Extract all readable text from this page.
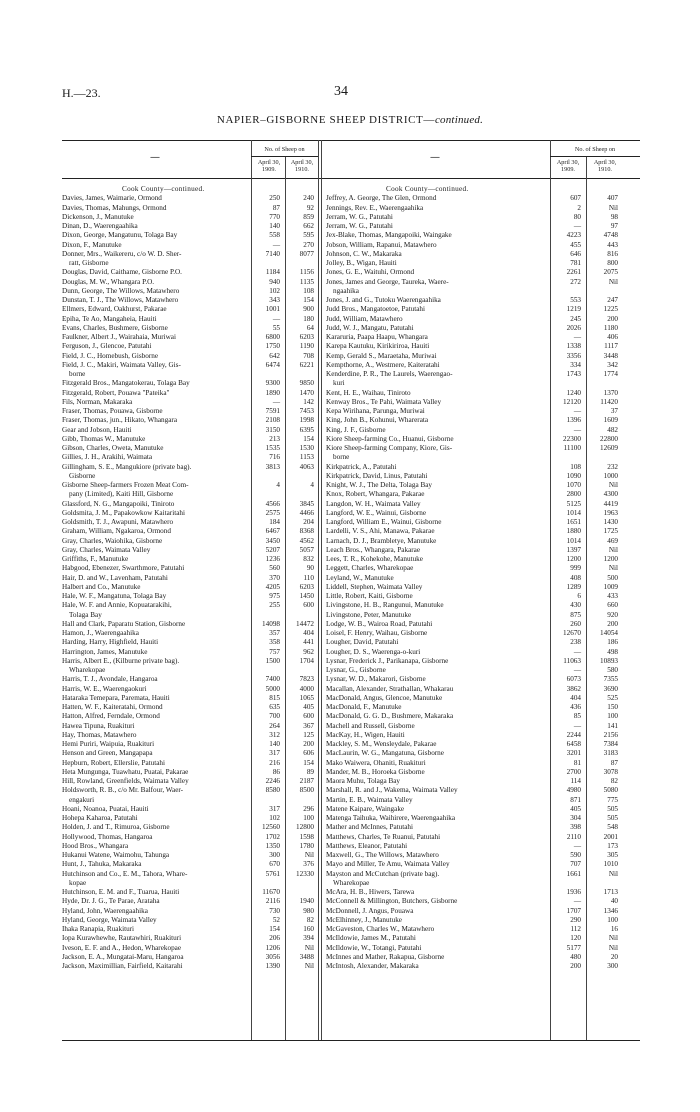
H.—23.	34
NAPIER–GISBORNE SHEEP DISTRICT—continued.
No. of Sheep on
April 30, 1909.
April 30, 1910.
No. of Sheep on
April 30, 1909.
April 30, 1910.
—	—
Cook County—continued.
Davies, James, Waimarie, Ormond	250	240
Davies, Thomas, Mahungs, Ormond	87	92
Dickenson, J., Manutuke	770	859
Dinan, D., Waerengaahika	140	662
Dixon, George, Mangatunu, Tolaga Bay	558	595
Dixon, F., Manutuke	—	270
Donner, Mrs., Waikereru, c/o W. D. Sher-	7140	8077
ratt, Gisborne
Douglas, David, Caithame, Gisborne P.O.	1184	1156
Douglas, M. W., Whangara P.O.	940	1135
Dunn, George, The Willows, Matawhero	102	108
Dunstan, T. J., The Willows, Matawhero	343	154
Ellmers, Edward, Oakhurst, Pakarae	1001	900
Epiha, Te Ao, Mangaheia, Hauiti	—	180
Evans, Charles, Bushmere, Gisborne	55	64
Faulkner, Albert J., Wairahaia, Muriwai	6800	6203
Ferguson, J., Glencoe, Patutahi	1750	1190
Field, J. C., Homebush, Gisborne	642	708
Field, J. C., Makiri, Waimata Valley, Gis-	6474	6221
borne
Fitzgerald Bros., Mangatokerau, Tolaga Bay	9300	9850
Fitzgerald, Robert, Pouawa "Pateika"	1890	1470
Fils, Norman, Makaraka	—	142
Fraser, Thomas, Pouawa, Gisborne	7591	7453
Fraser, Thomas, jun., Hikato, Whangara	2108	1998
Gear and Jobson, Hauiti	3150	6395
Gibb, Thomas W., Manutuke	213	154
Gibson, Charles, Oweta, Manutuke	1535	1530
Gillies, J. H., Arakihi, Waimata	716	1153
Gillingham, S. E., Mangukiore (private bag).	3813	4063
Gisborne
Gisborne Sheep-farmers Frozen Meat Com-	4	4
pany (Limited), Kaiti Hill, Gisborne
Glassford, N. G., Mangapoiki, Tiniroto	4566	3845
Goldsmita, J. M., Papakowkow Kaitaritahi	2575	4466
Goldsmith, T. J., Awapuni, Matawhero	184	204
Graham, William, Ngakaroa, Ormond	6467	8368
Gray, Charles, Waiohika, Gisborne	3450	4562
Gray, Charles, Waimata Valley	5207	5057
Griffiths, F., Manutuke	1236	832
Habgood, Ebenezer, Swarthmore, Patutahi	560	90
Hair, D. and W., Lavenham, Patutahi	370	110
Halbert and Co., Manutuke	4205	6203
Hale, W. F., Mangatuna, Tolaga Bay	975	1450
Hale, W. F. and Annie, Kopuatarakihi,	255	600
Tolaga Bay
Hall and Clark, Paparatu Station, Gisborne	14098	14472
Hamon, J., Waerengaahika	357	404
Harding, Harry, Highfield, Hauiti	358	441
Harrington, James, Manutuke	757	962
Harris, Albert E., (Kilburne private bag).	1500	1704
Wharekopae
Harris, T. J., Avondale, Hangaroa	7400	7823
Harris, W. E., Waerengaokuri	5000	4000
Hataraka Temepara, Paremata, Hauiti	815	1065
Hatten, W. F., Kaiteratahi, Ormond	635	405
Hatton, Alfred, Ferndale, Ormond	700	600
Hawea Tipuna, Ruakituri	264	367
Hay, Thomas, Matawhero	312	125
Hemi Puriri, Waipuia, Ruakituri	140	200
Henson and Green, Mangapapa	317	606
Hepburn, Robert, Ellerslie, Patutahi	216	154
Heta Mungunga, Tuawhatu, Puatai, Pakarae	86	89
Hill, Rowland, Greenfields, Waimata Valley	2246	2187
Holdsworth, R. B., c/o Mr. Balfour, Waer-	8580	8500
engakuri
Hoani, Noanoa, Puatai, Hauiti	317	296
Hohepa Kaharoa, Patutahi	102	100
Holden, J. and T., Rimuroa, Gisborne	12560	12800
Hollywood, Thomas, Hangaroa	1702	1598
Hood Bros., Whangara	1350	1780
Hukanui Watene, Waimohu, Tahunga	300	Nil
Hunt, J., Tahuka, Makaraka	670	376
Hutchinson and Co., E. M., Tahora, Whare-	5761	12330
kopae
Hutchinson, E. M. and F., Tuarua, Hauiti	11670
Hyde, Dr. J. G., Te Parae, Arataha	2116	1940
Hyland, John, Waerengaahika	730	980
Hyland, George, Waimata Valley	52	82
Ihaka Ranapia, Ruakituri	154	160
Iopa Kurawhewhe, Rautawhiri, Ruakituri	206	394
Iveson, E. F. and A., Hedon, Wharekopae	1206	Nil
Jackson, E. A., Mungatai-Maru, Hangaroa	3056	3488
Jackson, Maximillian, Fairfield, Kaitarahi	1390	Nil
Cook County—continued.
Jeffrey, A. George, The Glen, Ormond	607	407
Jennings, Rev. E., Waerengaahika	2	Nil
Jerram, W. G., Patutahi	80	98
Jerram, W. G., Patutahi	—	97
Jex-Blake, Thomas, Mangapoiki, Waingake	4223	4748
Jobson, William, Rapanui, Matawhero	455	443
Johnson, C. W., Makaraka	646	816
Jolley, B., Wigan, Hauiti	781	800
Jones, G. E., Waituhi, Ormond	2261	2075
Jones, James and George, Taureka, Waere-	272	Nil
ngaahika
Jones, J. and G., Tutoku Waerengaahika	553	247
Judd Bros., Mangatoetoe, Patutahi	1219	1225
Judd, William, Matawhero	245	200
Judd, W. J., Mangatu, Patutahi	2026	1180
Kararuria, Paapa Haapu, Whangara	—	406
Karepa Kautuku, Kirikiriroa, Hauiti	1338	1117
Kemp, Gerald S., Maraetaha, Muriwai	3356	3448
Kempthorne, A., Westmere, Kaiteratahi	334	342
Kenderdine, P. R., The Laurels, Waerengao-	1743	1774
kuri
Kent, H. E., Waihau, Tiniroto	1240	1370
Kenway Bros., Te Pahi, Waimata Valley	12120	11420
Kepa Wirihana, Parunga, Muriwai	—	37
King, John B., Kohunui, Wharerata	1396	1609
King, J. F., Gisborne	—	482
Kiore Sheep-farming Co., Huanui, Gisborne	22300	22800
Kiore Sheep-farming Company, Kiore, Gis-	11100	12609
borne
Kirkpatrick, A., Patutahi	108	232
Kirkpatrick, David, Linus, Patutahi	1090	1000
Knight, W. J., The Delta, Tolaga Bay	1070	Nil
Knox, Robert, Whangara, Pakarae	2800	4300
Langdon, W. H., Waimata Valley	5125	4419
Langford, W. E., Wainui, Gisborne	1014	1963
Langford, William E., Wainui, Gisborne	1651	1430
Lardelli, V. S., Ahi, Manawa, Pakarae	1880	1725
Larnach, D. J., Brambletye, Manutuke	1014	469
Leach Bros., Whangara, Pakarae	1397	Nil
Lees, T. R., Kohekohe, Manutuke	1200	1200
Leggett, Charles, Wharekopae	999	Nil
Leyland, W., Manutuke	408	500
Liddell, Stephen, Waimata Valley	1289	1009
Little, Robert, Kaiti, Gisborne	6	433
Livingstone, H. B., Rangunui, Manutuke	430	660
Livingstone, Peter, Manutuke	875	920
Lodge, W. B., Wairoa Road, Patutahi	260	200
Loisel, F. Henry, Waihau, Gisborne	12670	14054
Lougher, David, Patutahi	238	186
Lougher, D. S., Waerenga-o-kuri	—	498
Lysnar, Frederick J., Parikanapa, Gisborne	11063	10893
Lysnar, G., Gisborne	—	580
Lysnar, W. D., Makarori, Gisborne	6073	7355
Macallan, Alexander, Strathallan, Whakarau	3862	3690
MacDonald, Angus, Glencoe, Manutuke	404	525
MacDonald, F., Manutuke	436	150
MacDonald, G. G. D., Bushmere, Makaraka	85	100
Machell and Russell, Gisborne	—	141
MacKay, H., Wigen, Hauiti	2244	2156
Mackley, S. M., Wensleydale, Pakarae	6458	7384
MacLaurin, W. G., Mangatuna, Gisborne	3201	3183
Mako Waiwera, Ohaniti, Ruakituri	81	87
Mander, M. B., Horoeka Gisborne	2700	3078
Maora Muhu, Tolaga Bay	114	82
Marshall, R. and J., Wakema, Waimata Valley	4980	5080
Martin, E. B., Waimata Valley	871	775
Matene Kaipare, Waingake	405	505
Matenga Taihuka, Waihirere, Waerengaahika	304	505
Mather and McInnes, Patutahi	398	548
Matthews, Charles, Te Ruanui, Patutahi	2110	2001
Matthews, Eleanor, Patutahi	—	173
Maxwell, G., The Willows, Matawhero	590	305
Mayo and Miller, Te Amu, Waimata Valley	707	1010
Mayston and McCutchan (private bag).	1661	Nil
Wharekopae
McAra, H. B., Hiwers, Tarewa	1936	1713
McConnell & Millington, Butchers, Gisborne	—	40
McDonnell, J. Angus, Pouawa	1707	1346
McElhinney, J., Manutuke	290	100
McGaveston, Charles W., Matawhero	112	16
McIldowie, James M., Patutahi	120	Nil
McIldowie, W., Totangi, Patutahi	5177	Nil
McInnes and Mather, Rakapua, Gisborne	480	20
McIntosh, Alexander, Makaraka	200	300
